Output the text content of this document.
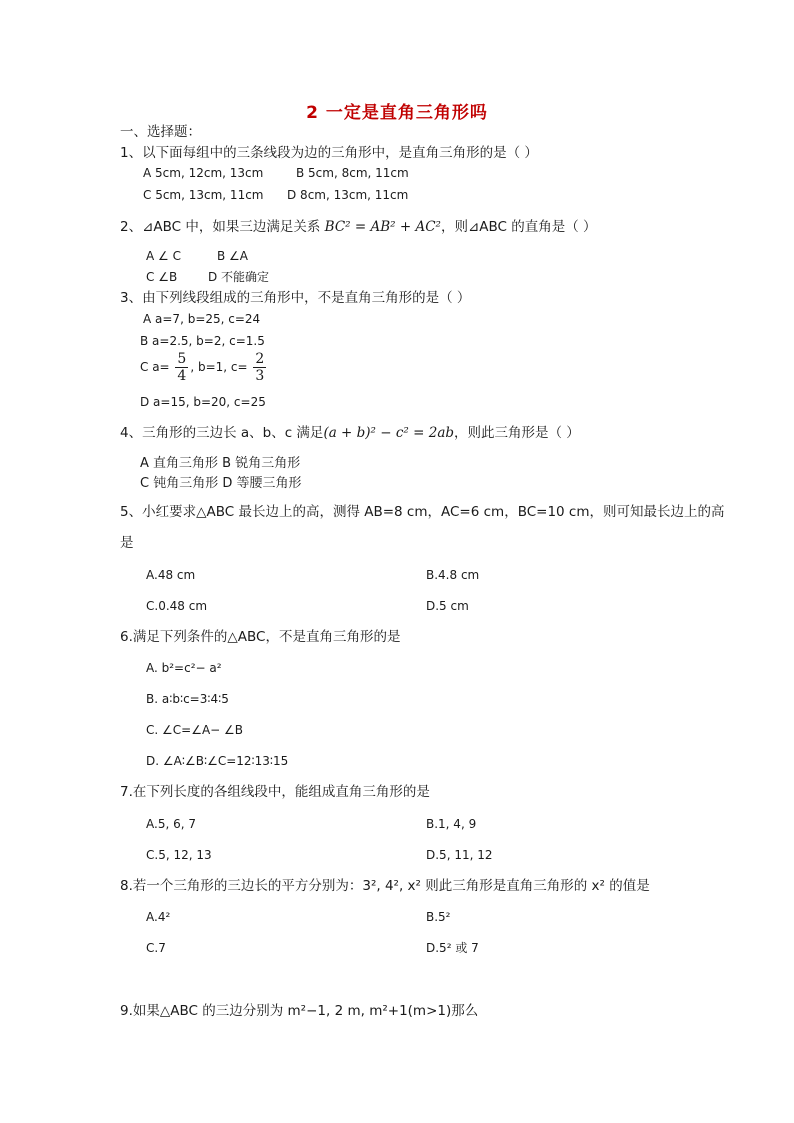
2 一定是直角三角形吗
一、选择题：
1、以下面每组中的三条线段为边的三角形中，是直角三角形的是（ ）
A 5cm, 12cm, 13cm	B 5cm, 8cm, 11cm
C 5cm, 13cm, 11cm D 8cm, 13cm, 11cm
2、⊿ABC 中，如果三边满足关系 BC² = AB² + AC²，则⊿ABC 的直角是（ ）
A ∠ C	B ∠A
C ∠B	D 不能确定
3、由下列线段组成的三角形中，不是直角三角形的是（ ）
A a=7, b=25, c=24
B a=2.5, b=2, c=1.5
C $a= \frac{5}{4}$ , b=1, $c= \frac{2}{3}$
D a=15, b=20, c=25
4、三角形的三边长 a、b、c 满足(a + b)² − c² = 2ab，则此三角形是（ ）
A 直角三角形 B 锐角三角形
C 钝角三角形 D 等腰三角形
5、小红要求△ABC 最长边上的高，测得 AB=8 cm，AC=6 cm，BC=10 cm，则可知最长边上的高
是
A.48 cm	B.4.8 cm
C.0.48 cm	D.5 cm
6.满足下列条件的△ABC，不是直角三角形的是
A. b²=c²− a²
B. a∶b∶c=3∶4∶5
C. ∠C=∠A− ∠B
D. ∠A∶∠B∶∠C=12∶13∶15
7.在下列长度的各组线段中，能组成直角三角形的是
A.5, 6, 7	B.1, 4, 9
C.5, 12, 13	D.5, 11, 12
8.若一个三角形的三边长的平方分别为：3², 4², x² 则此三角形是直角三角形的 x² 的值是
A.4²	B.5²
C.7	D.5² 或 7
9.如果△ABC 的三边分别为 m²−1, 2 m, m²+1(m>1)那么
